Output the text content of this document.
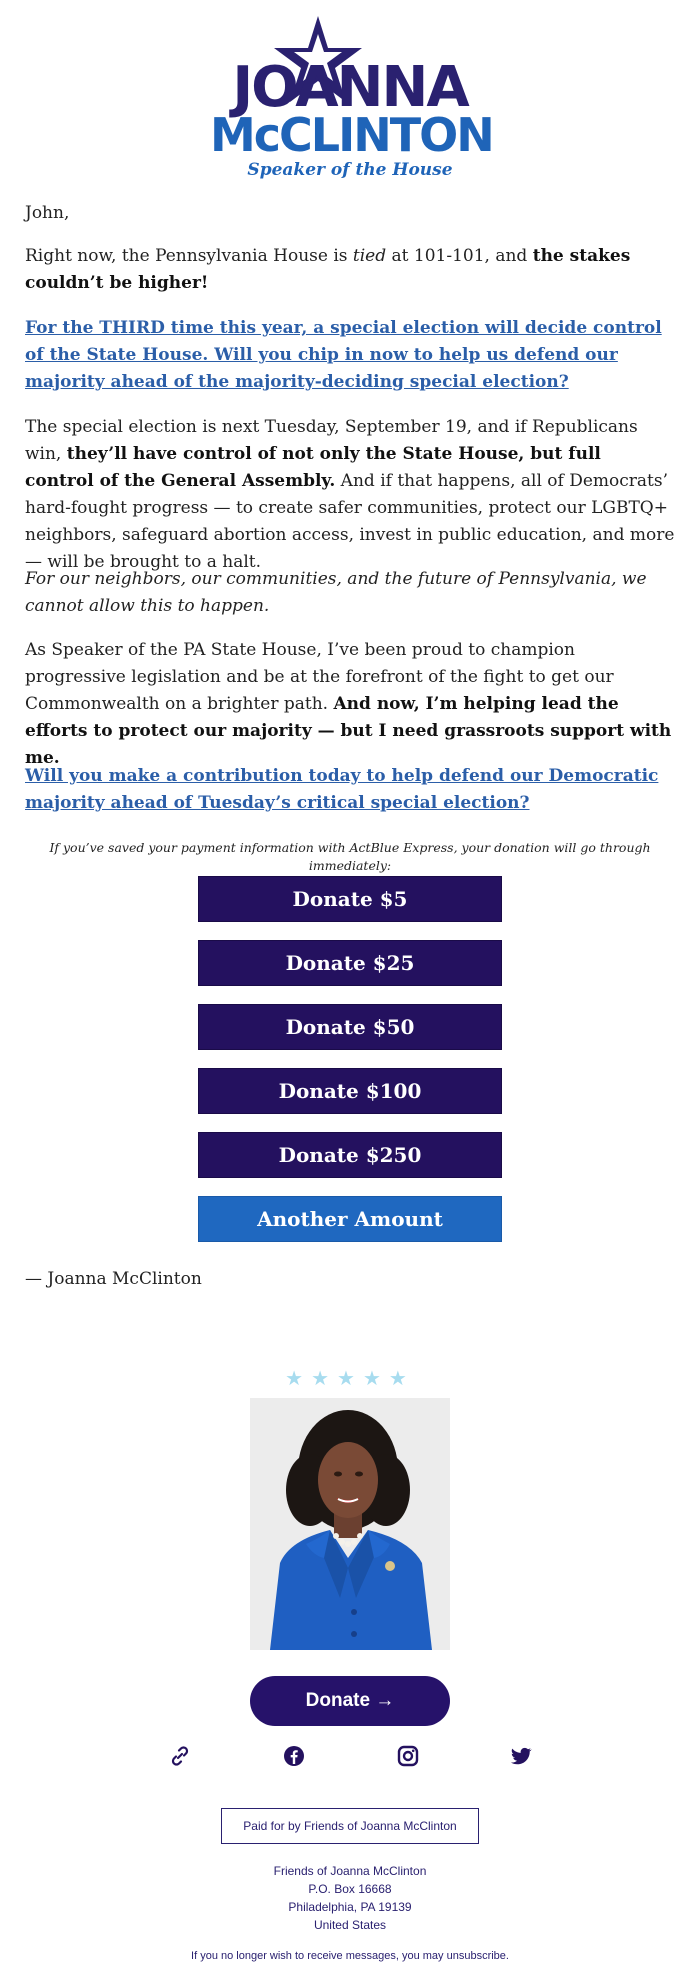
JOANNA
McCLINTON
Speaker of the House

John,

Right now, the Pennsylvania House is tied at 101-101, and the stakes couldn’t be higher!

For the THIRD time this year, a special election will decide control of the State House. Will you chip in now to help us defend our majority ahead of the majority-deciding special election?

The special election is next Tuesday, September 19, and if Republicans win, they’ll have control of not only the State House, but full control of the General Assembly. And if that happens, all of Democrats’ hard-fought progress — to create safer communities, protect our LGBTQ+ neighbors, safeguard abortion access, invest in public education, and more — will be brought to a halt.

For our neighbors, our communities, and the future of Pennsylvania, we cannot allow this to happen.

As Speaker of the PA State House, I’ve been proud to champion progressive legislation and be at the forefront of the fight to get our Commonwealth on a brighter path. And now, I’m helping lead the efforts to protect our majority — but I need grassroots support with me.

Will you make a contribution today to help defend our Democratic majority ahead of Tuesday’s critical special election?

If you’ve saved your payment information with ActBlue Express, your donation will go through immediately:
Donate $5
Donate $25
Donate $50
Donate $100
Donate $250
Another Amount
— Joanna McClinton
★★★★★
Donate →
Paid for by Friends of Joanna McClinton
Friends of Joanna McClinton
P.O. Box 16668
Philadelphia, PA 19139
United States
If you no longer wish to receive messages, you may unsubscribe.
